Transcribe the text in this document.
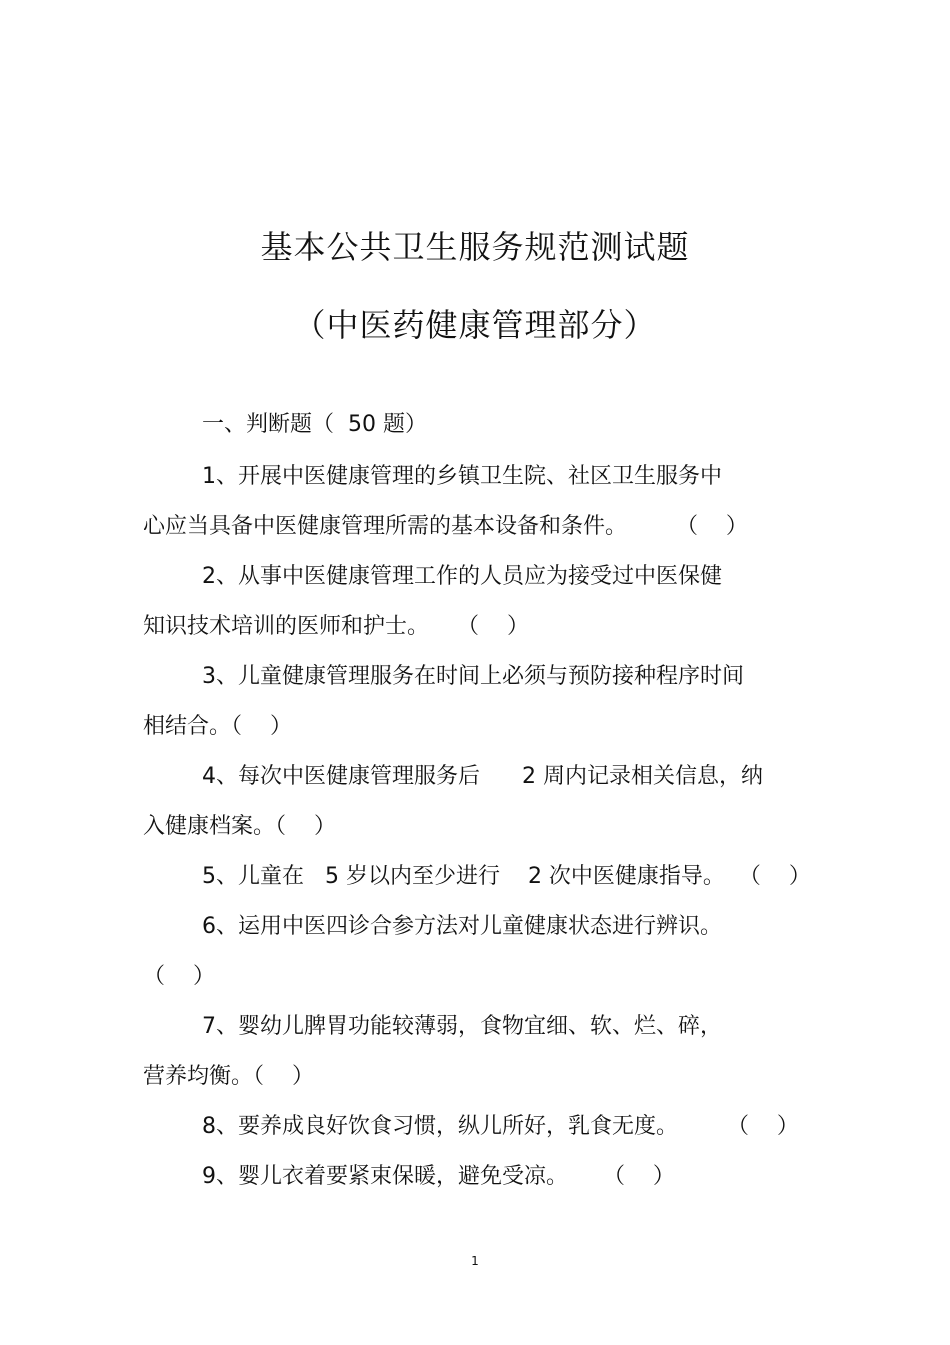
基本公共卫生服务规范测试题
（中医药健康管理部分）
一、判断题（  50 题）
1、开展中医健康管理的乡镇卫生院、社区卫生服务中
心应当具备中医健康管理所需的基本设备和条件。       （    ）
2、从事中医健康管理工作的人员应为接受过中医保健
知识技术培训的医师和护士。    （    ）
3、儿童健康管理服务在时间上必须与预防接种程序时间
相结合。（    ）
4、每次中医健康管理服务后      2 周内记录相关信息，纳
入健康档案。（    ）
5、儿童在   5 岁以内至少进行    2 次中医健康指导。  （    ）
6、运用中医四诊合参方法对儿童健康状态进行辨识。
（    ）
7、婴幼儿脾胃功能较薄弱，食物宜细、软、烂、碎，
营养均衡。（    ）
8、要养成良好饮食习惯，纵儿所好，乳食无度。       （    ）
9、婴儿衣着要紧束保暖，避免受凉。     （    ）
1
